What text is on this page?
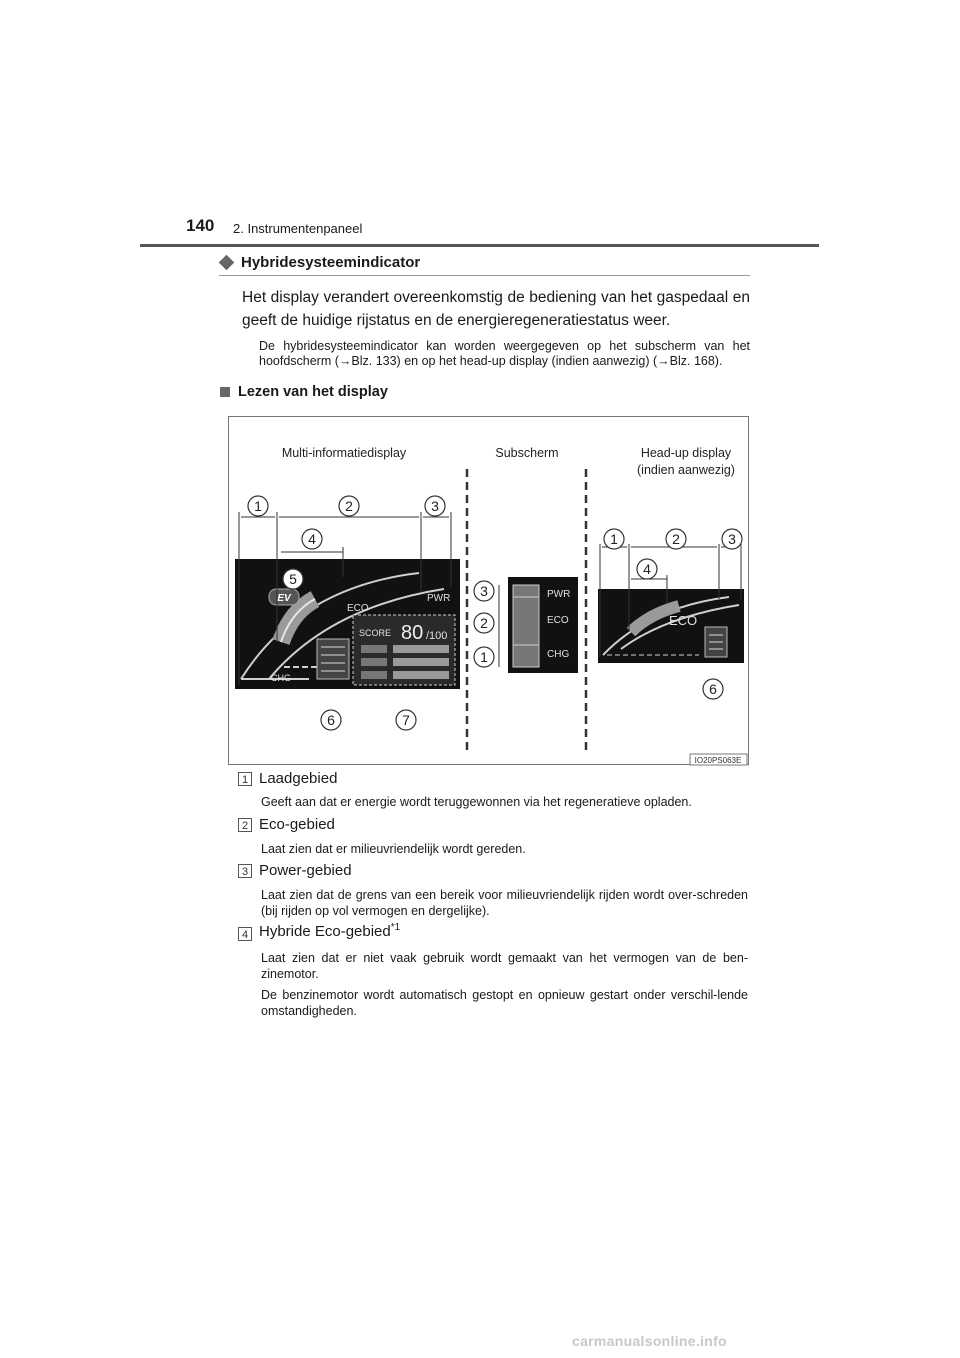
140 2. Instrumentenpaneel
Hybridesysteemindicator
Het display verandert overeenkomstig de bediening van het gaspedaal en geeft de huidige rijstatus en de energieregeneratiestatus weer.
De hybridesysteemindicator kan worden weergegeven op het subscherm van het hoofdscherm (→Blz. 133) en op het head-up display (indien aanwezig) (→Blz. 168).
Lezen van het display
Multi-informatiedisplay	Subscherm	Head-up display
(indien aanwezig)
EV
ECO
PWR
CHG
SCORE 80 /100
PWR
ECO
CHG
ECO
1	2	3
4
5
6	7
3
2
1
1	2	3
4
6
IO20PS063E
1 Laadgebied
Geeft aan dat er energie wordt teruggewonnen via het regeneratieve opladen.
2 Eco-gebied
Laat zien dat er milieuvriendelijk wordt gereden.
3 Power-gebied
Laat zien dat de grens van een bereik voor milieuvriendelijk rijden wordt over-schreden (bij rijden op vol vermogen en dergelijke).
4 Hybride Eco-gebied$^{*1}$
Laat zien dat er niet vaak gebruik wordt gemaakt van het vermogen van de ben-zinemotor.
De benzinemotor wordt automatisch gestopt en opnieuw gestart onder verschil-lende omstandigheden.
carmanualsonline.info
